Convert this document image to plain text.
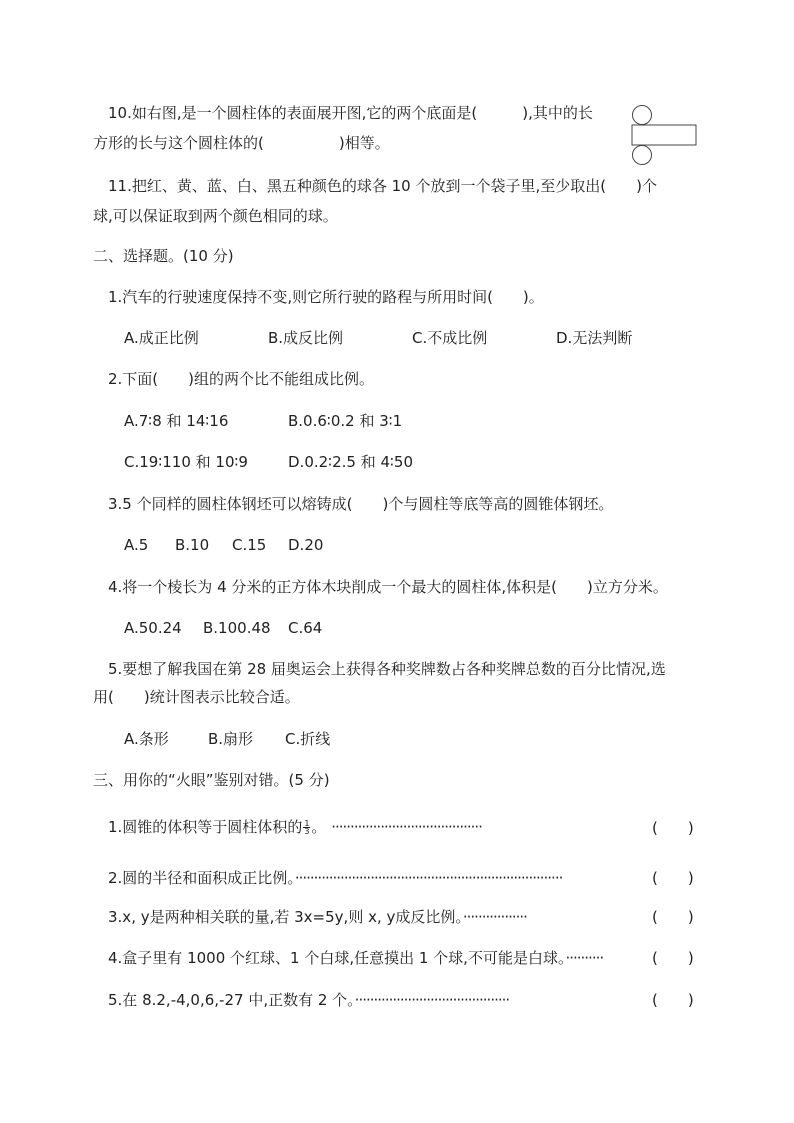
10.如右图,是一个圆柱体的表面展开图,它的两个底面是(　　　),其中的长
方形的长与这个圆柱体的(　　　　　)相等。
11.把红、黄、蓝、白、黑五种颜色的球各 10 个放到一个袋子里,至少取出(　　)个
球,可以保证取到两个颜色相同的球。
二、选择题。(10 分)
1.汽车的行驶速度保持不变,则它所行驶的路程与所用时间(　　)。
A.成正比例	B.成反比例	C.不成比例	D.无法判断
2.下面(　　)组的两个比不能组成比例。
A.7∶8 和 14∶16	B.0.6∶0.2 和 3∶1
C.19∶110 和 10∶9	D.0.2∶2.5 和 4∶50
3.5 个同样的圆柱体钢坯可以熔铸成(　　)个与圆柱等底等高的圆锥体钢坯。
A.5 B.10 C.15 D.20
4.将一个棱长为 4 分米的正方体木块削成一个最大的圆柱体,体积是(　　)立方分米。
A.50.24 B.100.48 C.64
5.要想了解我国在第 28 届奥运会上获得各种奖牌数占各种奖牌总数的百分比情况,选
用(　　)统计图表示比较合适。
A.条形	B.扇形 C.折线
三、用你的“火眼”鉴别对错。(5 分)
1.圆锥的体积等于圆柱体积的 $\frac{1}{3}$ 。 ········································	(　　)
2.圆的半径和面积成正比例。·······································································	(　　)
3.x, y是两种相关联的量,若 3x=5y,则 x, y成反比例。·················	(　　)
4.盒子里有 1000 个红球、1 个白球,任意摸出 1 个球,不可能是白球。··········	(　　)
5.在 8.2,-4,0,6,-27 中,正数有 2 个。·········································	(　　)
